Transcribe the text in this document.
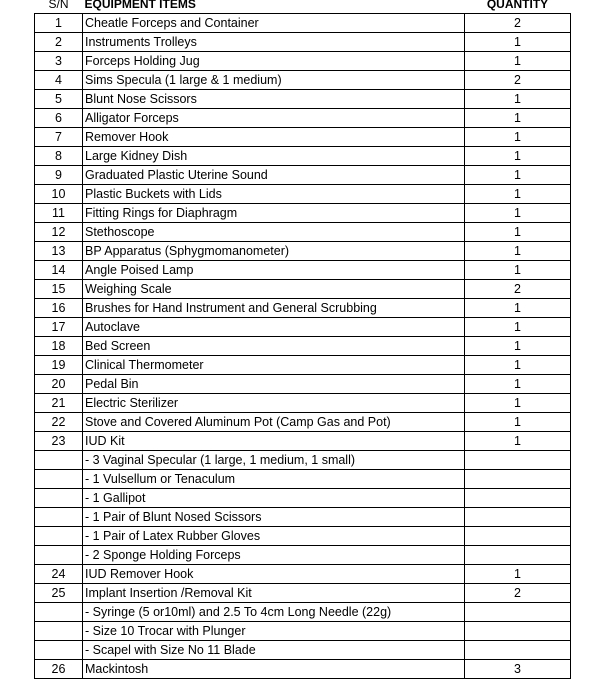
S/N	EQUIPMENT ITEMS	QUANTITY
1	Cheatle Forceps and Container	2
2	Instruments Trolleys	1
3	Forceps Holding Jug	1
4	Sims Specula (1 large & 1 medium)	2
5	Blunt Nose Scissors	1
6	Alligator Forceps	1
7	Remover Hook	1
8	Large Kidney Dish	1
9	Graduated Plastic Uterine Sound	1
10	Plastic Buckets with Lids	1
11	Fitting Rings for Diaphragm	1
12	Stethoscope	1
13	BP Apparatus (Sphygmomanometer)	1
14	Angle Poised Lamp	1
15	Weighing Scale	2
16	Brushes for Hand Instrument and General Scrubbing	1
17	Autoclave	1
18	Bed Screen	1
19	Clinical Thermometer	1
20	Pedal Bin	1
21	Electric Sterilizer	1
22	Stove and Covered Aluminum Pot (Camp Gas and Pot)	1
23	IUD Kit	1
	- 3 Vaginal Specular (1 large, 1 medium, 1 small)	
	- 1 Vulsellum or Tenaculum	
	- 1 Gallipot	
	- 1 Pair of Blunt Nosed Scissors	
	- 1 Pair of Latex Rubber Gloves	
	- 2 Sponge Holding Forceps	
24	IUD Remover Hook	1
25	Implant Insertion /Removal Kit	2
	- Syringe (5 or10ml) and 2.5 To 4cm Long Needle (22g)	
	- Size 10 Trocar with Plunger	
	- Scapel with Size No 11 Blade	
26	Mackintosh	3
